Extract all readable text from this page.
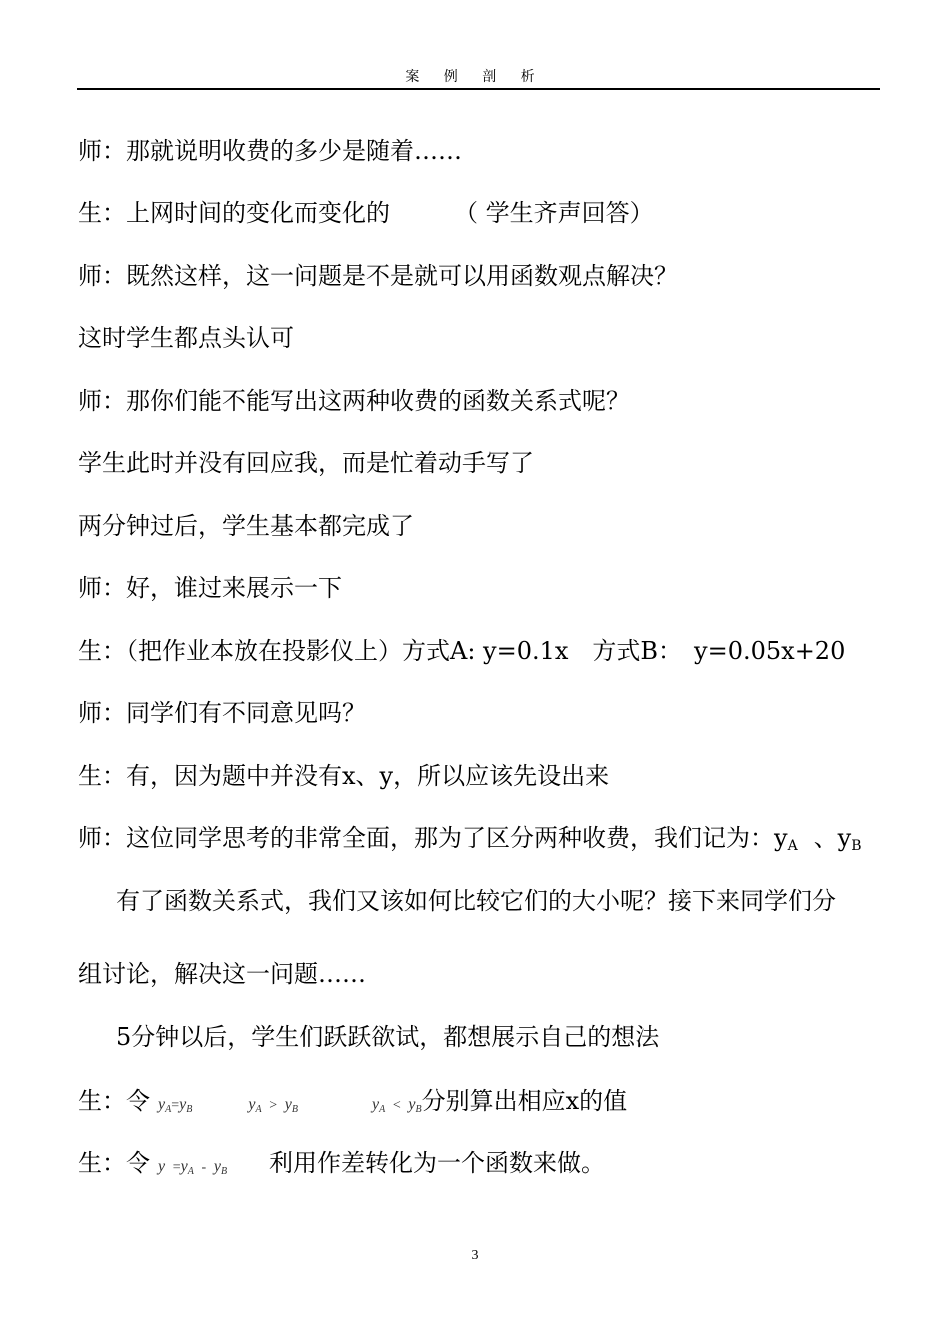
案 例 剖 析
师：那就说明收费的多少是随着……
生：上网时间的变化而变化的	（ 学生齐声回答）
师：既然这样，这一问题是不是就可以用函数观点解决？
这时学生都点头认可
师：那你们能不能写出这两种收费的函数关系式呢？
学生此时并没有回应我，而是忙着动手写了
两分钟过后，学生基本都完成了
师：好，谁过来展示一下
生：（把作业本放在投影仪上）方式A: y=0.1x　方式B：　y=0.05x+20
师：同学们有不同意见吗？
生：有，因为题中并没有x、y，所以应该先设出来
师：这位同学思考的非常全面，那为了区分两种收费，我们记为：$y_A$ 、$y_B$
有了函数关系式，我们又该如何比较它们的大小呢？接下来同学们分
组讨论，解决这一问题……
5分钟以后，学生们跃跃欲试，都想展示自己的想法
生：令 yA=yB	yA > yB	yA < yB分别算出相应x的值
生：令 y =yA - yB 利用作差转化为一个函数来做。
3
